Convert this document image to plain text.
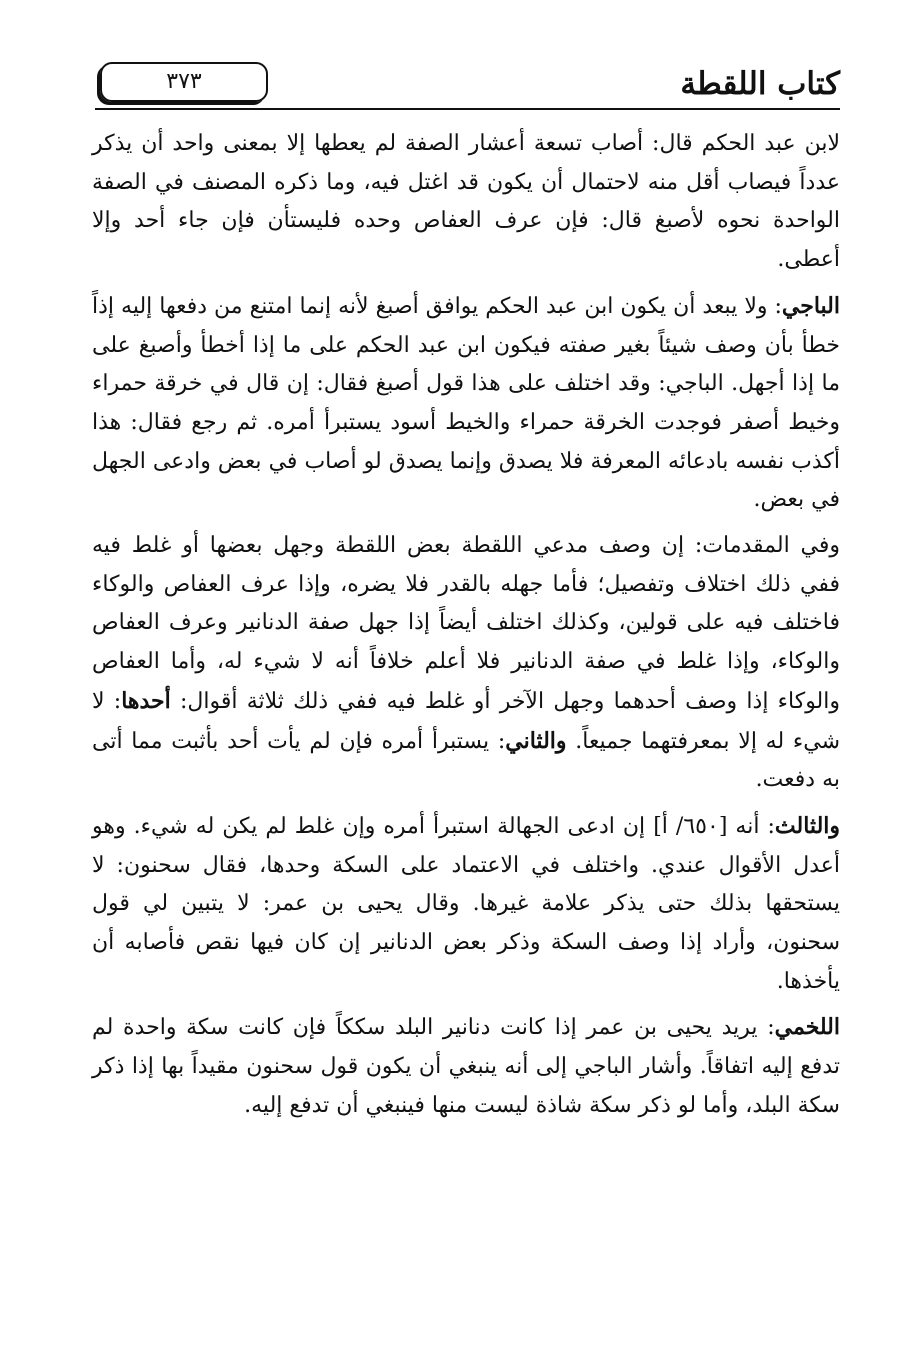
كتاب اللقطة
٣٧٣

لابن عبد الحكم قال: أصاب تسعة أعشار الصفة لم يعطها إلا بمعنى واحد أن يذكر عدداً فيصاب أقل منه لاحتمال أن يكون قد اغتل فيه، وما ذكره المصنف في الصفة الواحدة نحوه لأصبغ قال: فإن عرف العفاص وحده فليستأن فإن جاء أحد وإلا أعطى.

الباجي: ولا يبعد أن يكون ابن عبد الحكم يوافق أصبغ لأنه إنما امتنع من دفعها إليه إذاً خطأ بأن وصف شيئاً بغير صفته فيكون ابن عبد الحكم على ما إذا أخطأ وأصبغ على ما إذا أجهل. الباجي: وقد اختلف على هذا قول أصبغ فقال: إن قال في خرقة حمراء وخيط أصفر فوجدت الخرقة حمراء والخيط أسود يستبرأ أمره. ثم رجع فقال: هذا أكذب نفسه بادعائه المعرفة فلا يصدق وإنما يصدق لو أصاب في بعض وادعى الجهل في بعض.

وفي المقدمات: إن وصف مدعي اللقطة بعض اللقطة وجهل بعضها أو غلط فيه ففي ذلك اختلاف وتفصيل؛ فأما جهله بالقدر فلا يضره، وإذا عرف العفاص والوكاء فاختلف فيه على قولين، وكذلك اختلف أيضاً إذا جهل صفة الدنانير وعرف العفاص والوكاء، وإذا غلط في صفة الدنانير فلا أعلم خلافاً أنه لا شيء له، وأما العفاص والوكاء إذا وصف أحدهما وجهل الآخر أو غلط فيه ففي ذلك ثلاثة أقوال: أحدها: لا شيء له إلا بمعرفتهما جميعاً. والثاني: يستبرأ أمره فإن لم يأت أحد بأثبت مما أتى به دفعت.

والثالث: أنه [٦٥٠/ أ] إن ادعى الجهالة استبرأ أمره وإن غلط لم يكن له شيء. وهو أعدل الأقوال عندي. واختلف في الاعتماد على السكة وحدها، فقال سحنون: لا يستحقها بذلك حتى يذكر علامة غيرها. وقال يحيى بن عمر: لا يتبين لي قول سحنون، وأراد إذا وصف السكة وذكر بعض الدنانير إن كان فيها نقص فأصابه أن يأخذها.

اللخمي: يريد يحيى بن عمر إذا كانت دنانير البلد سككاً فإن كانت سكة واحدة لم تدفع إليه اتفاقاً. وأشار الباجي إلى أنه ينبغي أن يكون قول سحنون مقيداً بها إذا ذكر سكة البلد، وأما لو ذكر سكة شاذة ليست منها فينبغي أن تدفع إليه.
